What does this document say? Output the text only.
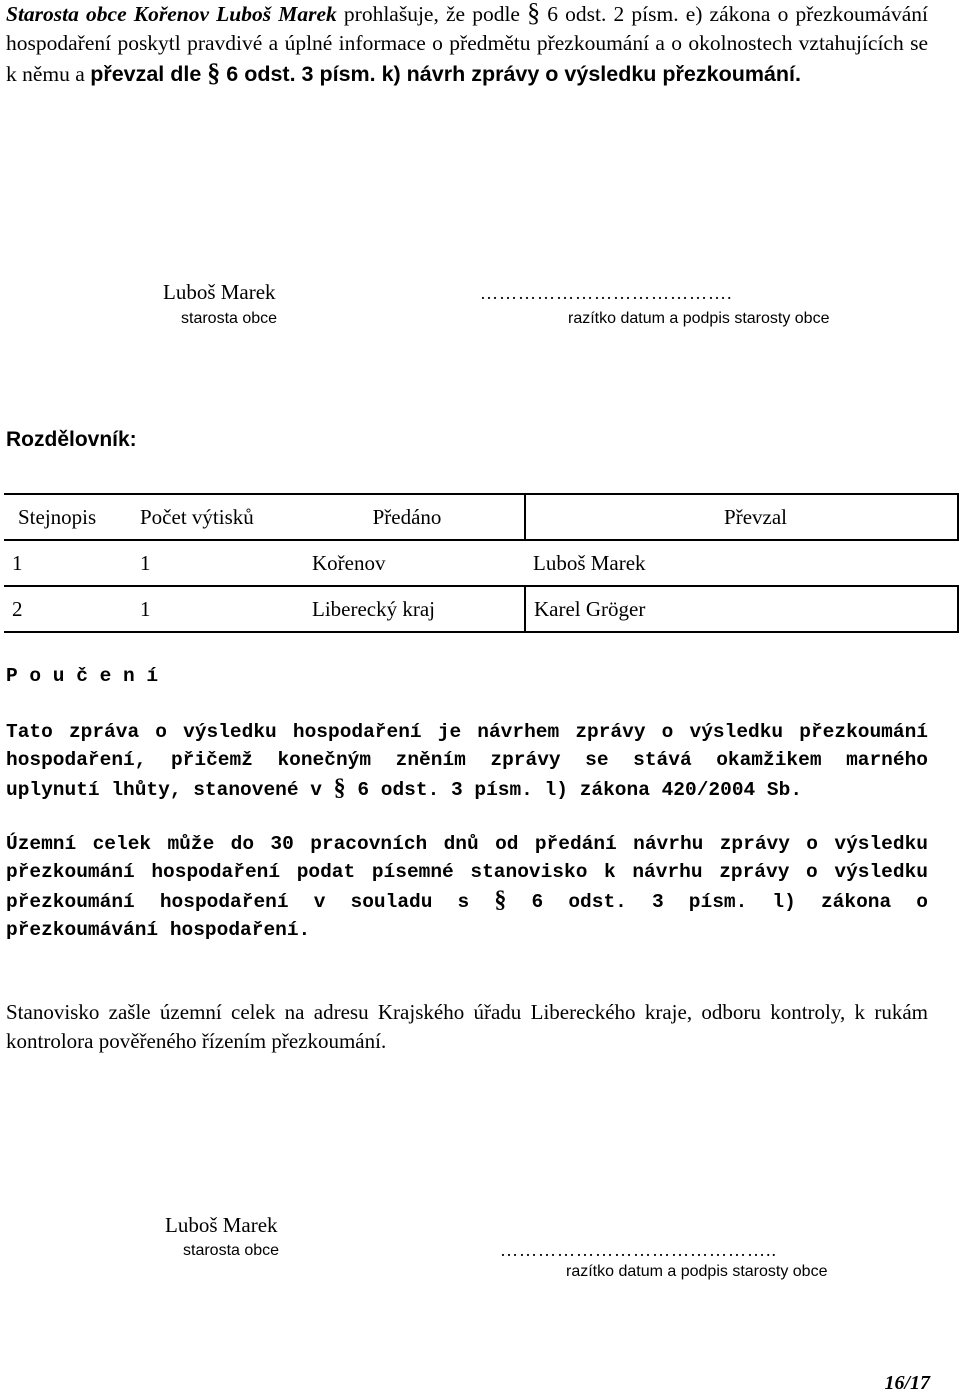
Starosta obce Kořenov Luboš Marek prohlašuje, že podle § 6 odst. 2 písm. e) zákona o přezkoumávání hospodaření poskytl pravdivé a úplné informace o předmětu přezkoumání a o okolnostech vztahujících se k němu a převzal dle § 6 odst. 3 písm. k) návrh zprávy o výsledku přezkoumání.
Luboš Marek
starosta obce
………………………………….
razítko datum a podpis starosty obce
Rozdělovník:
Stejnopis	Počet výtisků	Předáno	Převzal
1	1	Kořenov	Luboš Marek
2	1	Liberecký kraj	Karel Gröger
P o u č e n í
Tato zpráva o výsledku hospodaření je návrhem zprávy o výsledku přezkoumání hospodaření, přičemž konečným zněním zprávy se stává okamžikem marného uplynutí lhůty, stanovené v § 6 odst. 3 písm. l) zákona 420/2004 Sb.
Územní celek může do 30 pracovních dnů od předání návrhu zprávy o výsledku přezkoumání hospodaření podat písemné stanovisko k návrhu zprávy o výsledku přezkoumání hospodaření v souladu s § 6 odst. 3 písm. l) zákona o přezkoumávání hospodaření.
Stanovisko zašle územní celek na adresu Krajského úřadu Libereckého kraje, odboru kontroly, k rukám kontrolora pověřeného řízením přezkoumání.
Luboš Marek
starosta obce	……………………………………..
razítko datum a podpis starosty obce
16/17
